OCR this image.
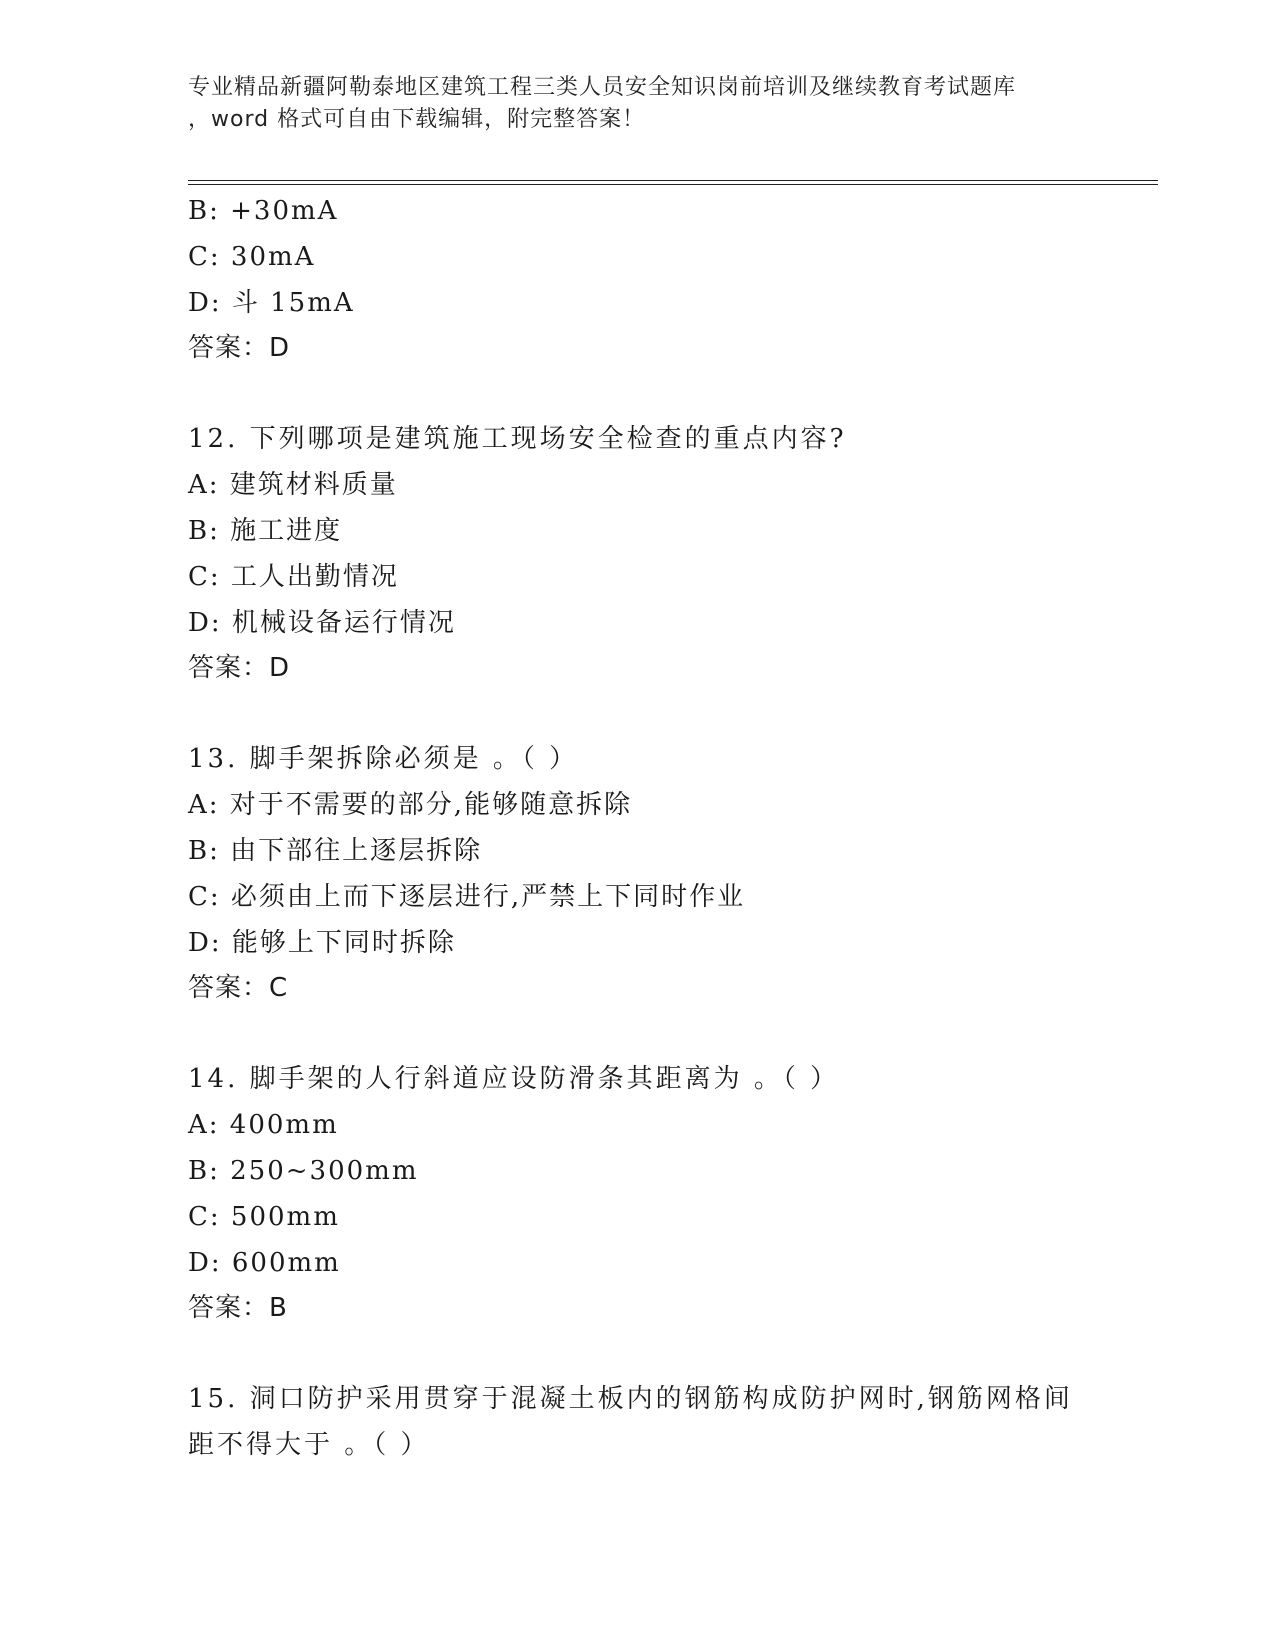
专业精品新疆阿勒泰地区建筑工程三类人员安全知识岗前培训及继续教育考试题库
，word 格式可自由下载编辑，附完整答案！
B: +30mA
C: 30mA
D: 斗 15mA
答案：D
12. 下列哪项是建筑施工现场安全检查的重点内容?
A: 建筑材料质量
B: 施工进度
C: 工人出勤情况
D: 机械设备运行情况
答案：D
13. 脚手架拆除必须是 。（ ）
A: 对于不需要的部分,能够随意拆除
B: 由下部往上逐层拆除
C: 必须由上而下逐层进行,严禁上下同时作业
D: 能够上下同时拆除
答案：C
14. 脚手架的人行斜道应设防滑条其距离为 。（ ）
A: 400mm
B: 250~300mm
C: 500mm
D: 600mm
答案：B
15. 洞口防护采用贯穿于混凝土板内的钢筋构成防护网时,钢筋网格间
距不得大于 。（ ）
